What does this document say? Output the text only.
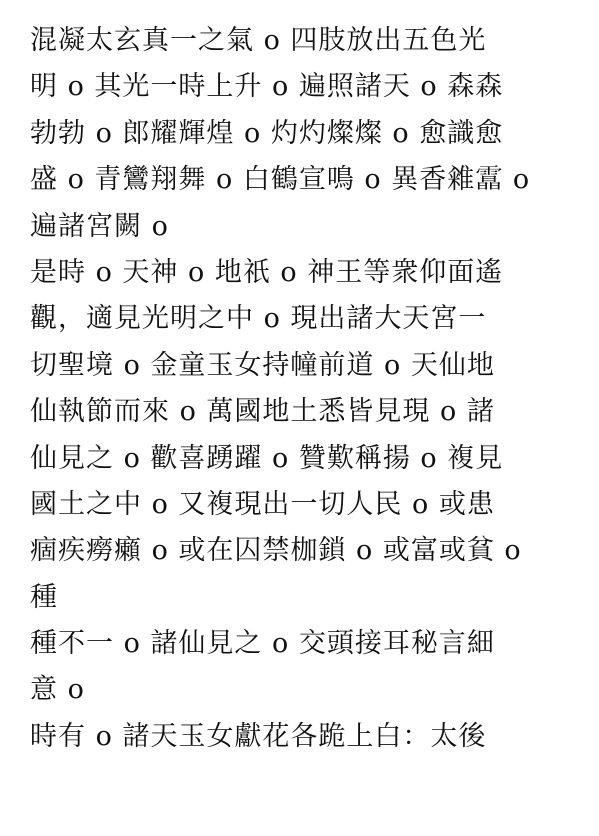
混凝太玄真一之氣 o 四肢放出五色光
明 o 其光一時上升 o 遍照諸天 o 森森
勃勃 o 郎耀輝煌 o 灼灼燦燦 o 愈識愈
盛 o 青鸞翔舞 o 白鶴宣鳴 o 異香䨀𩅟 o
遍諸宮闕 o
是時 o 天神 o 地祇 o 神王等衆仰面遙
觀，適見光明之中 o 現出諸大天宮一
切聖境 o 金童玉女持幢前道 o 天仙地
仙執節而來 o 萬國地土悉皆見現 o 諸
仙見之 o 歡喜踴躍 o 贊歎稱揚 o 複見
國土之中 o 又複現出一切人民 o 或患
痼疾癆癩 o 或在囚禁枷鎖 o 或富或貧 o
種
種不一 o 諸仙見之 o 交頭接耳秘言細
意 o
時有 o 諸天玉女獻花各跪上白：太後
